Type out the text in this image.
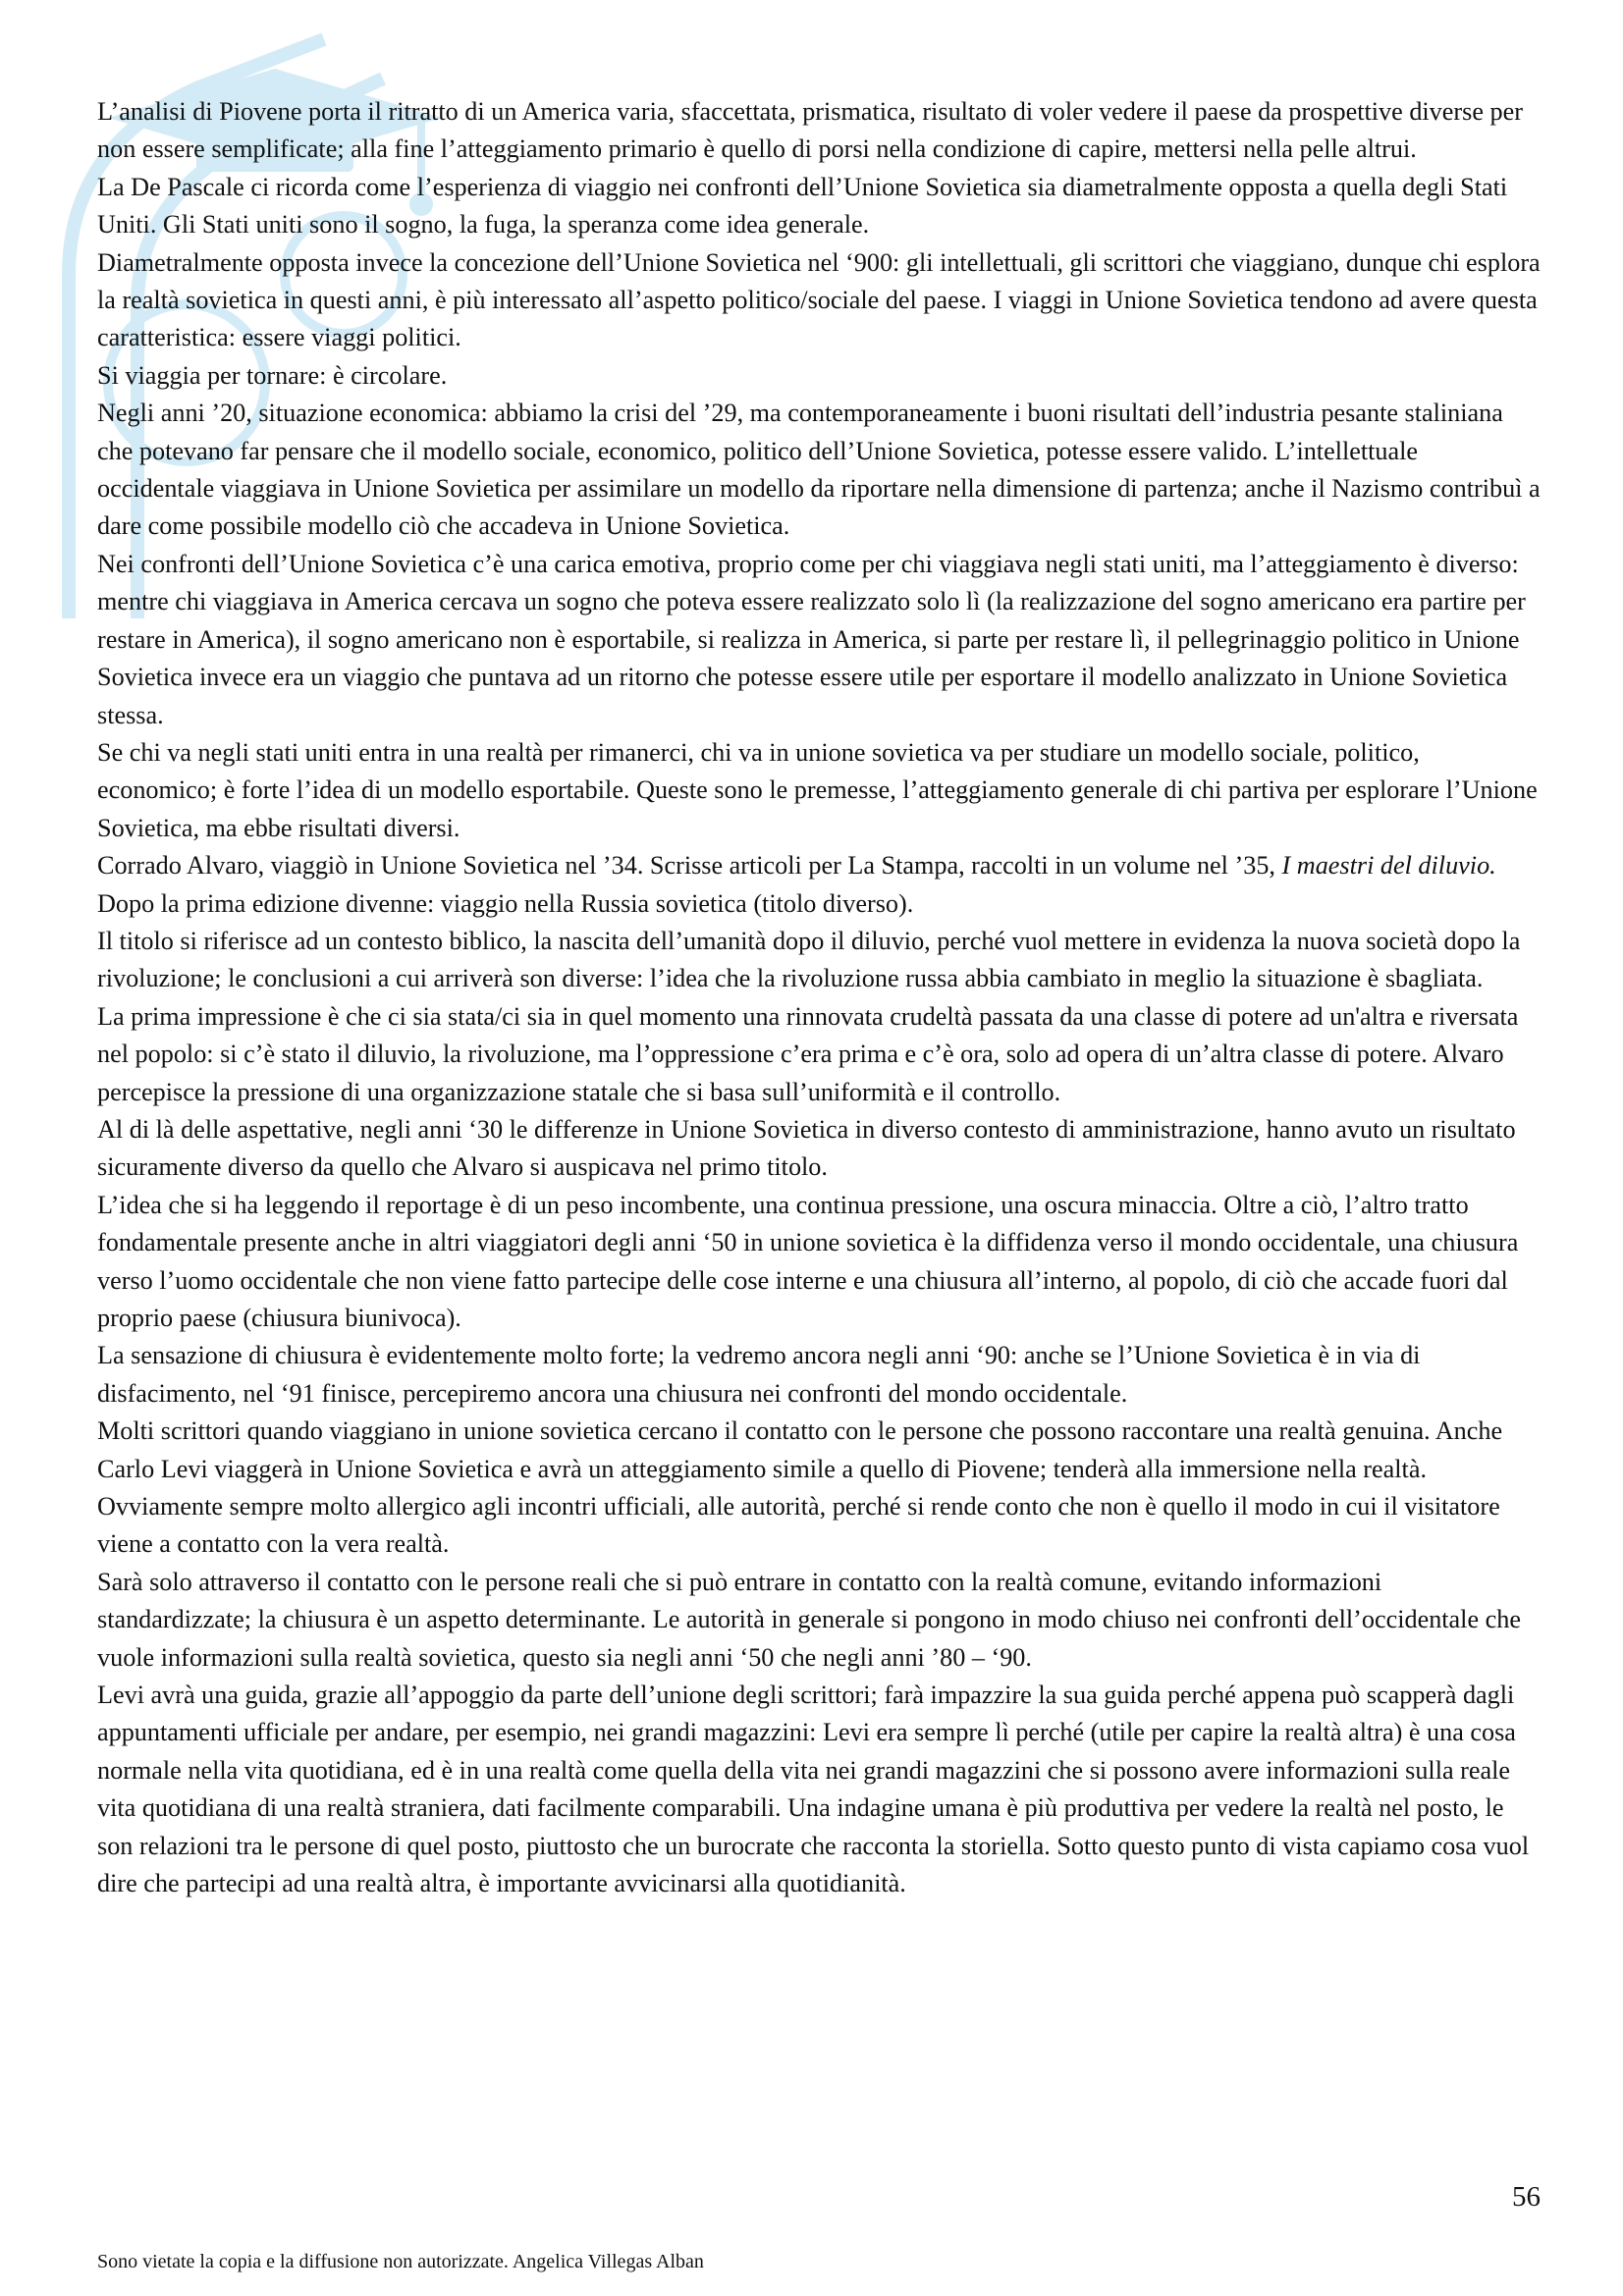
L’analisi di Piovene porta il ritratto di un America varia, sfaccettata, prismatica, risultato di voler vedere il paese da prospettive diverse per non essere semplificate; alla fine l’atteggiamento primario è quello di porsi nella condizione di capire, mettersi nella pelle altrui.

La De Pascale ci ricorda come l’esperienza di viaggio nei confronti dell’Unione Sovietica sia diametralmente opposta a quella degli Stati Uniti. Gli Stati uniti sono il sogno, la fuga, la speranza come idea generale.

Diametralmente opposta invece la concezione dell’Unione Sovietica nel ‘900: gli intellettuali, gli scrittori che viaggiano, dunque chi esplora la realtà sovietica in questi anni, è più interessato all’aspetto politico/sociale del paese. I viaggi in Unione Sovietica tendono ad avere questa caratteristica: essere viaggi politici.

Si viaggia per tornare: è circolare.

Negli anni ’20, situazione economica: abbiamo la crisi del ’29, ma contemporaneamente i buoni risultati dell’industria pesante staliniana che potevano far pensare che il modello sociale, economico, politico dell’Unione Sovietica, potesse essere valido. L’intellettuale occidentale viaggiava in Unione Sovietica per assimilare un modello da riportare nella dimensione di partenza; anche il Nazismo contribuì a dare come possibile modello ciò che accadeva in Unione Sovietica.

Nei confronti dell’Unione Sovietica c’è una carica emotiva, proprio come per chi viaggiava negli stati uniti, ma l’atteggiamento è diverso: mentre chi viaggiava in America cercava un sogno che poteva essere realizzato solo lì (la realizzazione del sogno americano era partire per restare in America), il sogno americano non è esportabile, si realizza in America, si parte per restare lì, il pellegrinaggio politico in Unione Sovietica invece era un viaggio che puntava ad un ritorno che potesse essere utile per esportare il modello analizzato in Unione Sovietica stessa.

Se chi va negli stati uniti entra in una realtà per rimanerci, chi va in unione sovietica va per studiare un modello sociale, politico, economico; è forte l’idea di un modello esportabile. Queste sono le premesse, l’atteggiamento generale di chi partiva per esplorare l’Unione Sovietica, ma ebbe risultati diversi.

Corrado Alvaro, viaggiò in Unione Sovietica nel ’34. Scrisse articoli per La Stampa, raccolti in un volume nel ’35, I maestri del diluvio. Dopo la prima edizione divenne: viaggio nella Russia sovietica (titolo diverso).

Il titolo si riferisce ad un contesto biblico, la nascita dell’umanità dopo il diluvio, perché vuol mettere in evidenza la nuova società dopo la rivoluzione; le conclusioni a cui arriverà son diverse: l’idea che la rivoluzione russa abbia cambiato in meglio la situazione è sbagliata.

La prima impressione è che ci sia stata/ci sia in quel momento una rinnovata crudeltà passata da una classe di potere ad un'altra e riversata nel popolo: si c’è stato il diluvio, la rivoluzione, ma l’oppressione c’era prima e c’è ora, solo ad opera di un’altra classe di potere. Alvaro percepisce la pressione di una organizzazione statale che si basa sull’uniformità e il controllo.

Al di là delle aspettative, negli anni ‘30 le differenze in Unione Sovietica in diverso contesto di amministrazione, hanno avuto un risultato sicuramente diverso da quello che Alvaro si auspicava nel primo titolo.

L’idea che si ha leggendo il reportage è di un peso incombente, una continua pressione, una oscura minaccia. Oltre a ciò, l’altro tratto fondamentale presente anche in altri viaggiatori degli anni ‘50 in unione sovietica è la diffidenza verso il mondo occidentale, una chiusura verso l’uomo occidentale che non viene fatto partecipe delle cose interne e una chiusura all’interno, al popolo, di ciò che accade fuori dal proprio paese (chiusura biunivoca).

La sensazione di chiusura è evidentemente molto forte; la vedremo ancora negli anni ‘90: anche se l’Unione Sovietica è in via di disfacimento, nel ‘91 finisce, percepiremo ancora una chiusura nei confronti del mondo occidentale.

Molti scrittori quando viaggiano in unione sovietica cercano il contatto con le persone che possono raccontare una realtà genuina. Anche Carlo Levi viaggerà in Unione Sovietica e avrà un atteggiamento simile a quello di Piovene; tenderà alla immersione nella realtà. Ovviamente sempre molto allergico agli incontri ufficiali, alle autorità, perché si rende conto che non è quello il modo in cui il visitatore viene a contatto con la vera realtà.

Sarà solo attraverso il contatto con le persone reali che si può entrare in contatto con la realtà comune, evitando informazioni standardizzate; la chiusura è un aspetto determinante. Le autorità in generale si pongono in modo chiuso nei confronti dell’occidentale che vuole informazioni sulla realtà sovietica, questo sia negli anni ‘50 che negli anni ’80 – ‘90.

Levi avrà una guida, grazie all’appoggio da parte dell’unione degli scrittori; farà impazzire la sua guida perché appena può scapperà dagli appuntamenti ufficiale per andare, per esempio, nei grandi magazzini: Levi era sempre lì perché (utile per capire la realtà altra) è una cosa normale nella vita quotidiana, ed è in una realtà come quella della vita nei grandi magazzini che si possono avere informazioni sulla reale vita quotidiana di una realtà straniera, dati facilmente comparabili. Una indagine umana è più produttiva per vedere la realtà nel posto, le son relazioni tra le persone di quel posto, piuttosto che un burocrate che racconta la storiella. Sotto questo punto di vista capiamo cosa vuol dire che partecipi ad una realtà altra, è importante avvicinarsi alla quotidianità.

56
Sono vietate la copia e la diffusione non autorizzate. Angelica Villegas Alban
